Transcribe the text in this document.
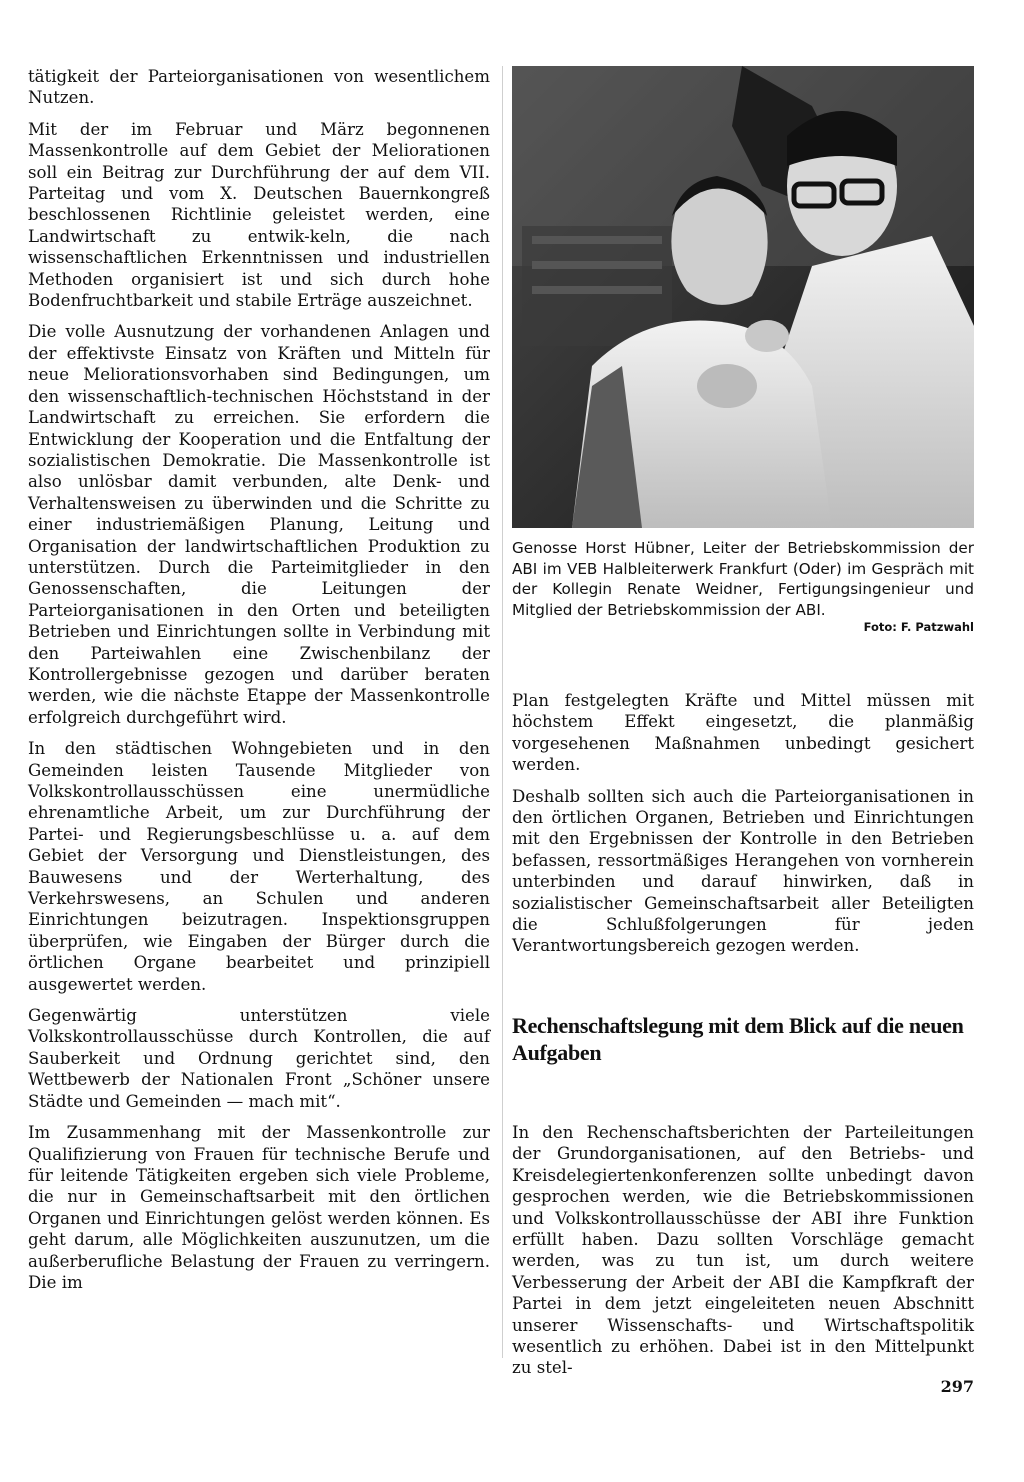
tätigkeit der Parteiorganisationen von wesentlichem Nutzen.

Mit der im Februar und März begonnenen Massenkontrolle auf dem Gebiet der Meliorationen soll ein Beitrag zur Durchführung der auf dem VII. Parteitag und vom X. Deutschen Bauernkongreß beschlossenen Richtlinie geleistet werden, eine Landwirtschaft zu entwik-keln, die nach wissenschaftlichen Erkenntnissen und industriellen Methoden organisiert ist und sich durch hohe Bodenfruchtbarkeit und stabile Erträge auszeichnet.

Die volle Ausnutzung der vorhandenen Anlagen und der effektivste Einsatz von Kräften und Mitteln für neue Meliorationsvorhaben sind Bedingungen, um den wissenschaftlich-technischen Höchststand in der Landwirtschaft zu erreichen. Sie erfordern die Entwicklung der Kooperation und die Entfaltung der sozialistischen Demokratie. Die Massenkontrolle ist also unlösbar damit verbunden, alte Denk- und Verhaltensweisen zu überwinden und die Schritte zu einer industriemäßigen Planung, Leitung und Organisation der landwirtschaftlichen Produktion zu unterstützen. Durch die Parteimitglieder in den Genossenschaften, die Leitungen der Parteiorganisationen in den Orten und beteiligten Betrieben und Einrichtungen sollte in Verbindung mit den Parteiwahlen eine Zwischenbilanz der Kontrollergebnisse gezogen und darüber beraten werden, wie die nächste Etappe der Massenkontrolle erfolgreich durchgeführt wird.

In den städtischen Wohngebieten und in den Gemeinden leisten Tausende Mitglieder von Volkskontrollausschüssen eine unermüdliche ehrenamtliche Arbeit, um zur Durchführung der Partei- und Regierungsbeschlüsse u. a. auf dem Gebiet der Versorgung und Dienstleistungen, des Bauwesens und der Werterhaltung, des Verkehrswesens, an Schulen und anderen Einrichtungen beizutragen. Inspektionsgruppen überprüfen, wie Eingaben der Bürger durch die örtlichen Organe bearbeitet und prinzipiell ausgewertet werden.

Gegenwärtig unterstützen viele Volkskontrollausschüsse durch Kontrollen, die auf Sauberkeit und Ordnung gerichtet sind, den Wettbewerb der Nationalen Front „Schöner unsere Städte und Gemeinden — mach mit“.

Im Zusammenhang mit der Massenkontrolle zur Qualifizierung von Frauen für technische Berufe und für leitende Tätigkeiten ergeben sich viele Probleme, die nur in Gemeinschaftsarbeit mit den örtlichen Organen und Einrichtungen gelöst werden können. Es geht darum, alle Möglichkeiten auszunutzen, um die außerberufliche Belastung der Frauen zu verringern. Die im

Genosse Horst Hübner, Leiter der Betriebskommission der ABI im VEB Halbleiterwerk Frankfurt (Oder) im Gespräch mit der Kollegin Renate Weidner, Fertigungsingenieur und Mitglied der Betriebskommission der ABI.
Foto: F. Patzwahl

Plan festgelegten Kräfte und Mittel müssen mit höchstem Effekt eingesetzt, die planmäßig vorgesehenen Maßnahmen unbedingt gesichert werden.

Deshalb sollten sich auch die Parteiorganisationen in den örtlichen Organen, Betrieben und Einrichtungen mit den Ergebnissen der Kontrolle in den Betrieben befassen, ressortmäßiges Herangehen von vornherein unterbinden und darauf hinwirken, daß in sozialistischer Gemeinschaftsarbeit aller Beteiligten die Schlußfolgerungen für jeden Verantwortungsbereich gezogen werden.

Rechenschaftslegung mit dem Blick auf die neuen Aufgaben

In den Rechenschaftsberichten der Parteileitungen der Grundorganisationen, auf den Betriebs- und Kreisdelegiertenkonferenzen sollte unbedingt davon gesprochen werden, wie die Betriebskommissionen und Volkskontrollausschüsse der ABI ihre Funktion erfüllt haben. Dazu sollten Vorschläge gemacht werden, was zu tun ist, um durch weitere Verbesserung der Arbeit der ABI die Kampfkraft der Partei in dem jetzt eingeleiteten neuen Abschnitt unserer Wissenschafts- und Wirtschaftspolitik wesentlich zu erhöhen. Dabei ist in den Mittelpunkt zu stel-

297
